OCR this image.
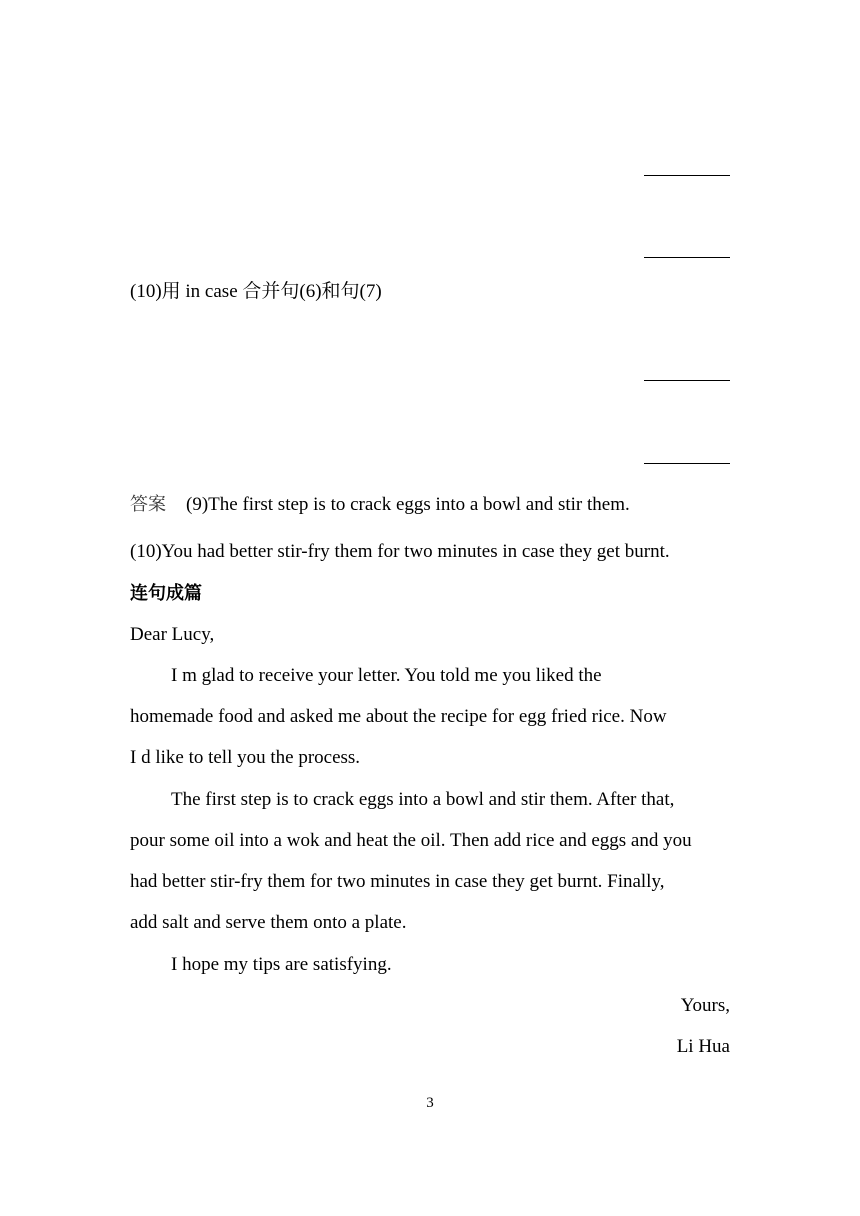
(10)用 in case 合并句(6)和句(7)
答案 (9)The first step is to crack eggs into a bowl and stir them.
(10)You had better stir-fry them for two minutes in case they get burnt.
连句成篇
Dear Lucy,
I m glad to receive your letter. You told me you liked the
homemade food and asked me about the recipe for egg fried rice. Now
I d like to tell you the process.
The first step is to crack eggs into a bowl and stir them. After that,
pour some oil into a wok and heat the oil. Then add rice and eggs and you
had better stir-fry them for two minutes in case they get burnt. Finally,
add salt and serve them onto a plate.
I hope my tips are satisfying.
Yours,
Li Hua
3
